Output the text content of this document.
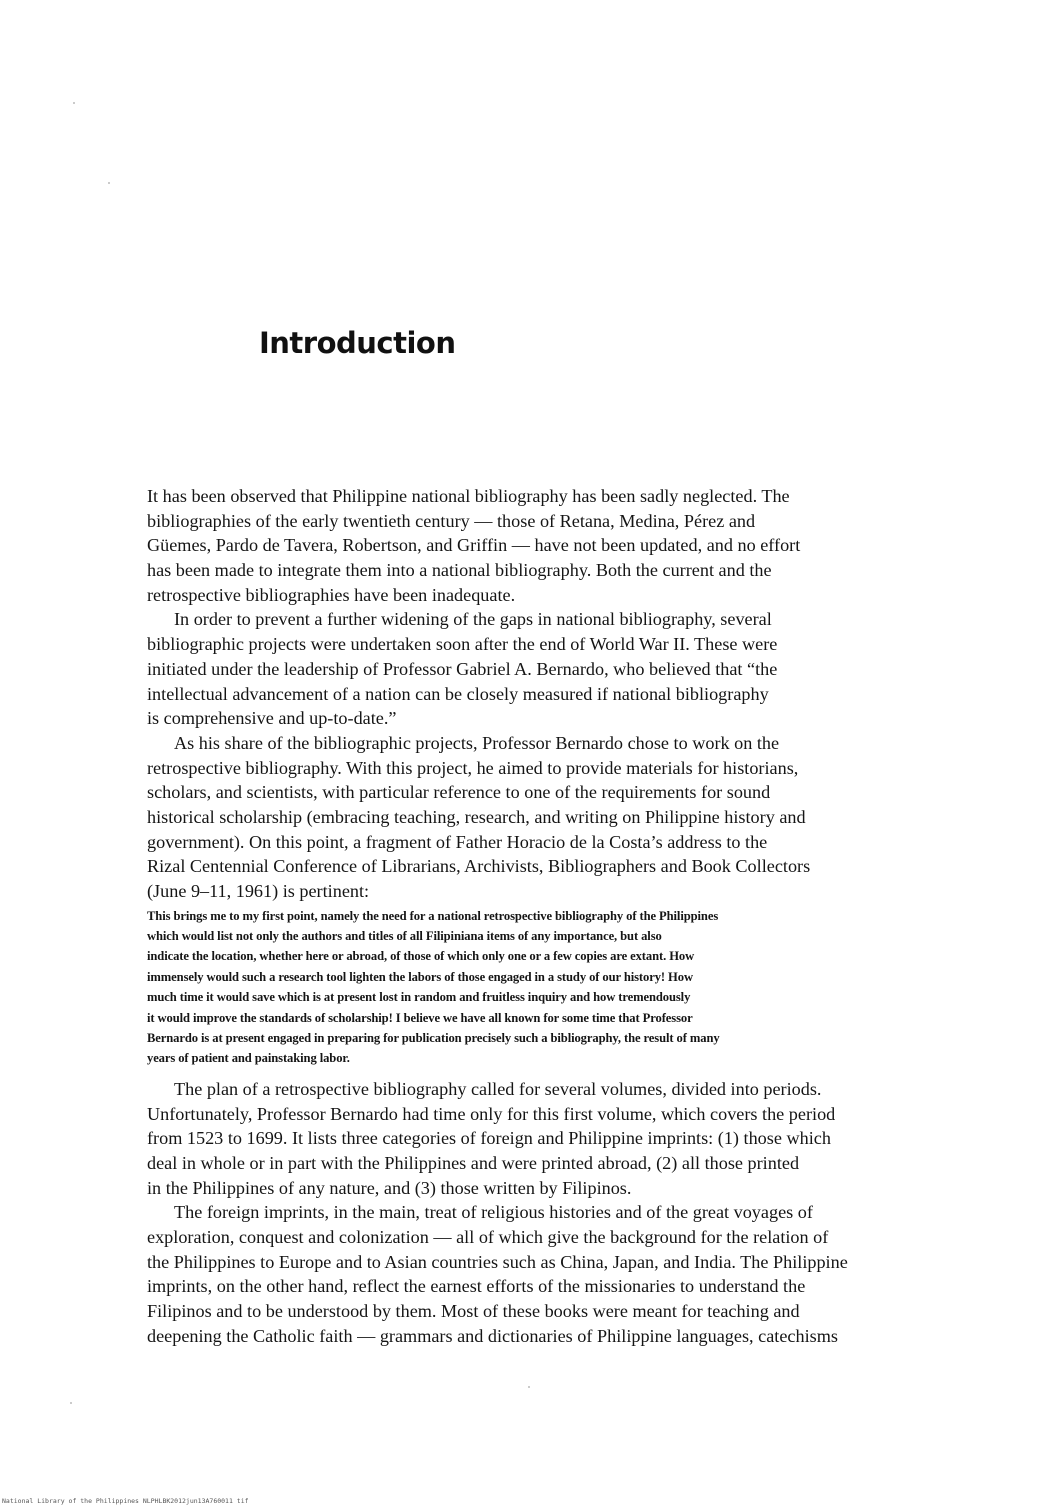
Introduction
It has been observed that Philippine national bibliography has been sadly neglected. The
bibliographies of the early twentieth century — those of Retana, Medina, Pérez and
Güemes, Pardo de Tavera, Robertson, and Griffin — have not been updated, and no effort
has been made to integrate them into a national bibliography. Both the current and the
retrospective bibliographies have been inadequate.
In order to prevent a further widening of the gaps in national bibliography, several
bibliographic projects were undertaken soon after the end of World War II. These were
initiated under the leadership of Professor Gabriel A. Bernardo, who believed that “the
intellectual advancement of a nation can be closely measured if national bibliography
is comprehensive and up-to-date.”
As his share of the bibliographic projects, Professor Bernardo chose to work on the
retrospective bibliography. With this project, he aimed to provide materials for historians,
scholars, and scientists, with particular reference to one of the requirements for sound
historical scholarship (embracing teaching, research, and writing on Philippine history and
government). On this point, a fragment of Father Horacio de la Costa’s address to the
Rizal Centennial Conference of Librarians, Archivists, Bibliographers and Book Collectors
(June 9–11, 1961) is pertinent:
This brings me to my first point, namely the need for a national retrospective bibliography of the Philippines
which would list not only the authors and titles of all Filipiniana items of any importance, but also
indicate the location, whether here or abroad, of those of which only one or a few copies are extant. How
immensely would such a research tool lighten the labors of those engaged in a study of our history! How
much time it would save which is at present lost in random and fruitless inquiry and how tremendously
it would improve the standards of scholarship! I believe we have all known for some time that Professor
Bernardo is at present engaged in preparing for publication precisely such a bibliography, the result of many
years of patient and painstaking labor.
The plan of a retrospective bibliography called for several volumes, divided into periods.
Unfortunately, Professor Bernardo had time only for this first volume, which covers the period
from 1523 to 1699. It lists three categories of foreign and Philippine imprints: (1) those which
deal in whole or in part with the Philippines and were printed abroad, (2) all those printed
in the Philippines of any nature, and (3) those written by Filipinos.
The foreign imprints, in the main, treat of religious histories and of the great voyages of
exploration, conquest and colonization — all of which give the background for the relation of
the Philippines to Europe and to Asian countries such as China, Japan, and India. The Philippine
imprints, on the other hand, reflect the earnest efforts of the missionaries to understand the
Filipinos and to be understood by them. Most of these books were meant for teaching and
deepening the Catholic faith — grammars and dictionaries of Philippine languages, catechisms
National Library of the Philippines NLPHLBK2012jun13A760011 tif
